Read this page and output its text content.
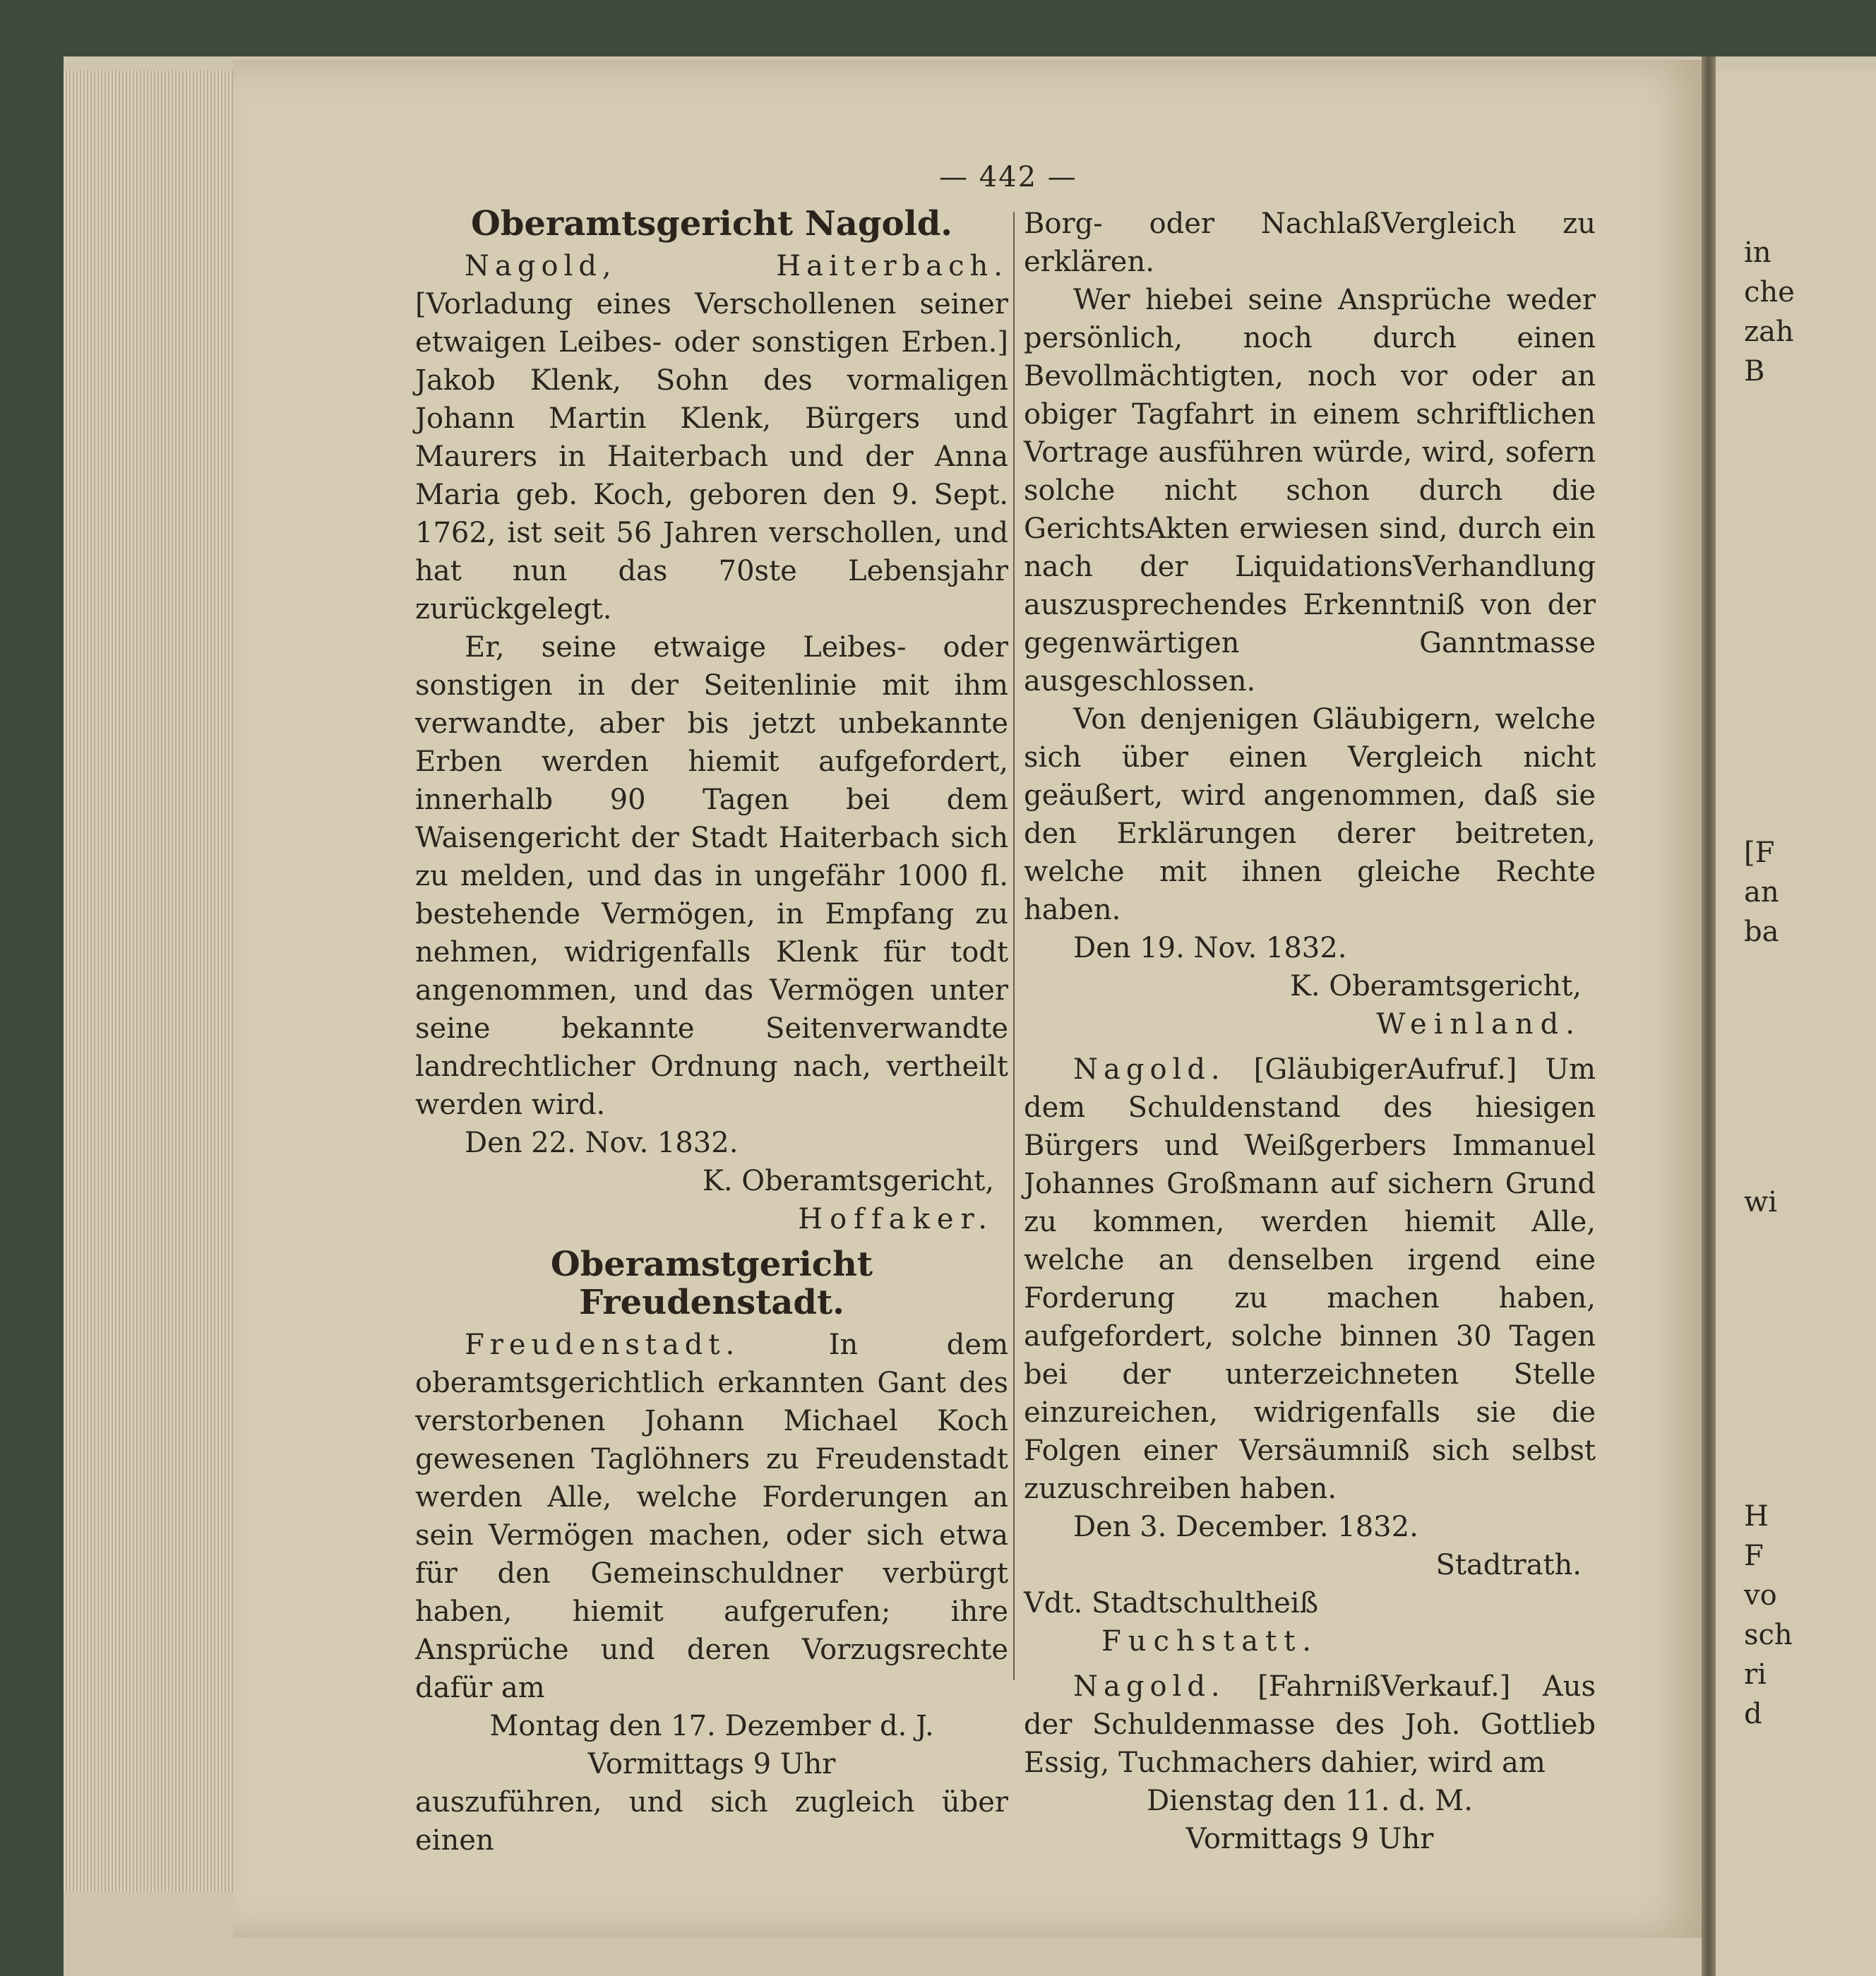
in
che
zah
B
[F
an
ba
wi
H
F
vo
sch
ri
d
— 442 —

Oberamtsgericht Nagold.

Nagold, Haiterbach. [Vorladung eines Verschollenen seiner etwaigen Leibes- oder sonstigen Erben.] Jakob Klenk, Sohn des vormaligen Johann Martin Klenk, Bürgers und Maurers in Haiterbach und der Anna Maria geb. Koch, geboren den 9. Sept. 1762, ist seit 56 Jahren verschollen, und hat nun das 70ste Lebensjahr zurückgelegt.

Er, seine etwaige Leibes- oder sonstigen in der Seitenlinie mit ihm verwandte, aber bis jetzt unbekannte Erben werden hiemit aufgefordert, innerhalb 90 Tagen bei dem Waisengericht der Stadt Haiterbach sich zu melden, und das in ungefähr 1000 fl. bestehende Vermögen, in Empfang zu nehmen, widrigenfalls Klenk für todt angenommen, und das Vermögen unter seine bekannte Seitenverwandte landrechtlicher Ordnung nach, vertheilt werden wird.

Den 22. Nov. 1832.

K. Oberamtsgericht,

Hoffaker.

Oberamstgericht Freudenstadt.

Freudenstadt.	In dem oberamtsgerichtlich erkannten Gant des verstorbenen Johann Michael Koch gewesenen Taglöhners zu Freudenstadt werden Alle, welche Forderungen an sein Vermögen machen, oder sich etwa für den Gemeinschuldner verbürgt haben, hiemit aufgerufen; ihre Ansprüche und deren Vorzugsrechte dafür am

Montag den 17. Dezember d. J.

Vormittags 9 Uhr

auszuführen, und sich zugleich über einen

Borg- oder NachlaßVergleich zu erklären.

Wer hiebei seine Ansprüche weder persönlich, noch durch einen Bevollmächtigten, noch vor oder an obiger Tagfahrt in einem schriftlichen Vortrage ausführen würde, wird, sofern solche nicht schon durch die GerichtsAkten erwiesen sind, durch ein nach der LiquidationsVerhandlung auszusprechendes Erkenntniß von der gegenwärtigen Ganntmasse ausgeschlossen.

Von denjenigen Gläubigern, welche sich über einen Vergleich nicht geäußert, wird angenommen, daß sie den Erklärungen derer beitreten, welche mit ihnen gleiche Rechte haben.

Den 19. Nov. 1832.

K. Oberamtsgericht,

Weinland.

Nagold. [GläubigerAufruf.] Um dem Schuldenstand des hiesigen Bürgers und Weißgerbers Immanuel Johannes Großmann auf sichern Grund zu kommen, werden hiemit Alle, welche an denselben irgend eine Forderung zu machen haben, aufgefordert, solche binnen 30 Tagen bei der unterzeichneten Stelle einzureichen, widrigenfalls sie die Folgen einer Versäumniß sich selbst zuzuschreiben haben.

Den 3. December. 1832.

Stadtrath.

Vdt. Stadtschultheiß

Fuchstatt.

Nagold. [FahrnißVerkauf.] Aus der Schuldenmasse des Joh. Gottlieb Essig, Tuchmachers dahier, wird am

Dienstag den 11. d. M.

Vormittags 9 Uhr
